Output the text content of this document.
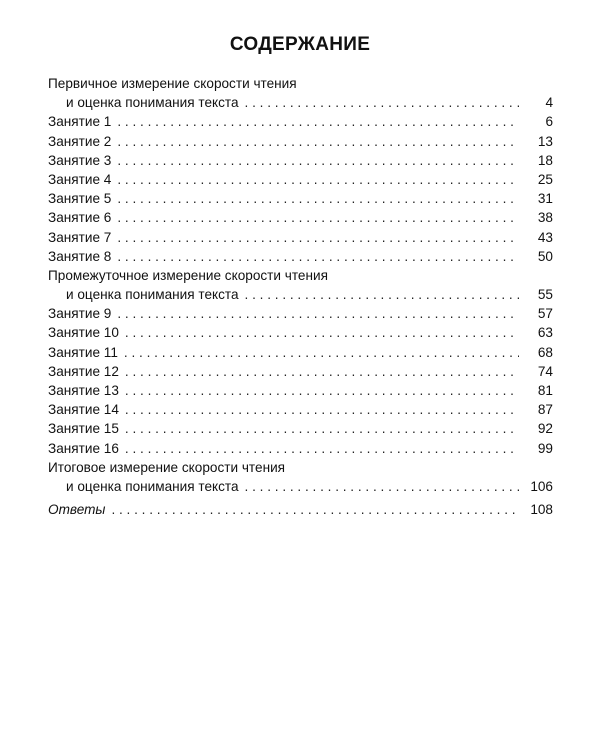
СОДЕРЖАНИЕ
Первичное измерение скорости чтения
и оценка понимания текста . . .	4
Занятие 1 . . .	6
Занятие 2 . . .	13
Занятие 3 . . .	18
Занятие 4 . . .	25
Занятие 5 . . .	31
Занятие 6 . . .	38
Занятие 7 . . .	43
Занятие 8 . . .	50
Промежуточное измерение скорости чтения
и оценка понимания текста . . .	55
Занятие 9 . . .	57
Занятие 10 . . .	63
Занятие 11 . . .	68
Занятие 12 . . .	74
Занятие 13 . . .	81
Занятие 14 . . .	87
Занятие 15 . . .	92
Занятие 16 . . .	99
Итоговое измерение скорости чтения
и оценка понимания текста . . .	106
Ответы . . .	108
